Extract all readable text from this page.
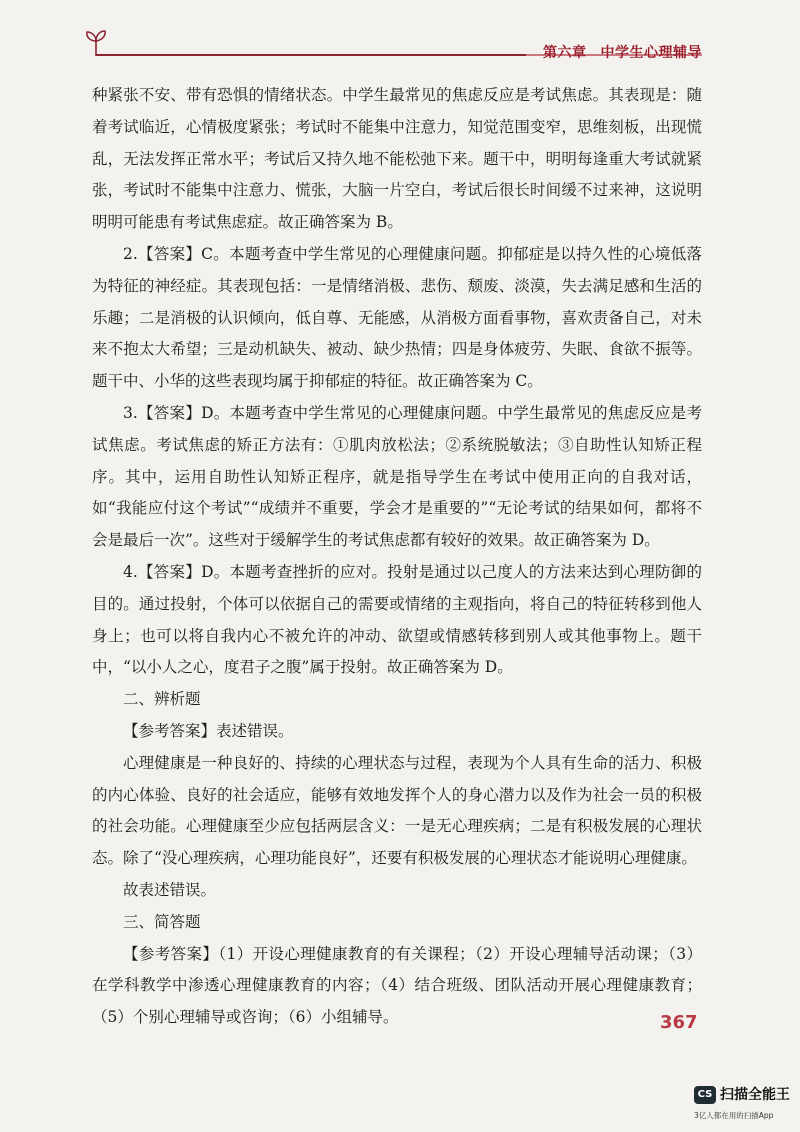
第六章 中学生心理辅导

种紧张不安、带有恐惧的情绪状态。中学生最常见的焦虑反应是考试焦虑。其表现是：随着考试临近，心情极度紧张；考试时不能集中注意力，知觉范围变窄，思维刻板，出现慌乱，无法发挥正常水平；考试后又持久地不能松弛下来。题干中，明明每逢重大考试就紧张，考试时不能集中注意力、慌张，大脑一片空白，考试后很长时间缓不过来神，这说明明明可能患有考试焦虑症。故正确答案为 B。

2.【答案】C。本题考查中学生常见的心理健康问题。抑郁症是以持久性的心境低落为特征的神经症。其表现包括：一是情绪消极、悲伤、颓废、淡漠，失去满足感和生活的乐趣；二是消极的认识倾向，低自尊、无能感，从消极方面看事物，喜欢责备自己，对未来不抱太大希望；三是动机缺失、被动、缺少热情；四是身体疲劳、失眠、食欲不振等。题干中、小华的这些表现均属于抑郁症的特征。故正确答案为 C。

3.【答案】D。本题考查中学生常见的心理健康问题。中学生最常见的焦虑反应是考试焦虑。考试焦虑的矫正方法有：①肌肉放松法；②系统脱敏法；③自助性认知矫正程序。其中，运用自助性认知矫正程序，就是指导学生在考试中使用正向的自我对话，如“我能应付这个考试”“成绩并不重要，学会才是重要的”“无论考试的结果如何，都将不会是最后一次”。这些对于缓解学生的考试焦虑都有较好的效果。故正确答案为 D。

4.【答案】D。本题考查挫折的应对。投射是通过以己度人的方法来达到心理防御的目的。通过投射，个体可以依据自己的需要或情绪的主观指向，将自己的特征转移到他人身上；也可以将自我内心不被允许的冲动、欲望或情感转移到别人或其他事物上。题干中，“以小人之心，度君子之腹”属于投射。故正确答案为 D。

二、辨析题

【参考答案】表述错误。

心理健康是一种良好的、持续的心理状态与过程，表现为个人具有生命的活力、积极的内心体验、良好的社会适应，能够有效地发挥个人的身心潜力以及作为社会一员的积极的社会功能。心理健康至少应包括两层含义：一是无心理疾病；二是有积极发展的心理状态。除了“没心理疾病，心理功能良好”，还要有积极发展的心理状态才能说明心理健康。

故表述错误。

三、简答题

【参考答案】（1）开设心理健康教育的有关课程；（2）开设心理辅导活动课；（3）在学科教学中渗透心理健康教育的内容；（4）结合班级、团队活动开展心理健康教育；（5）个别心理辅导或咨询；（6）小组辅导。	367
CS 扫描全能王
3亿人都在用的扫描App
